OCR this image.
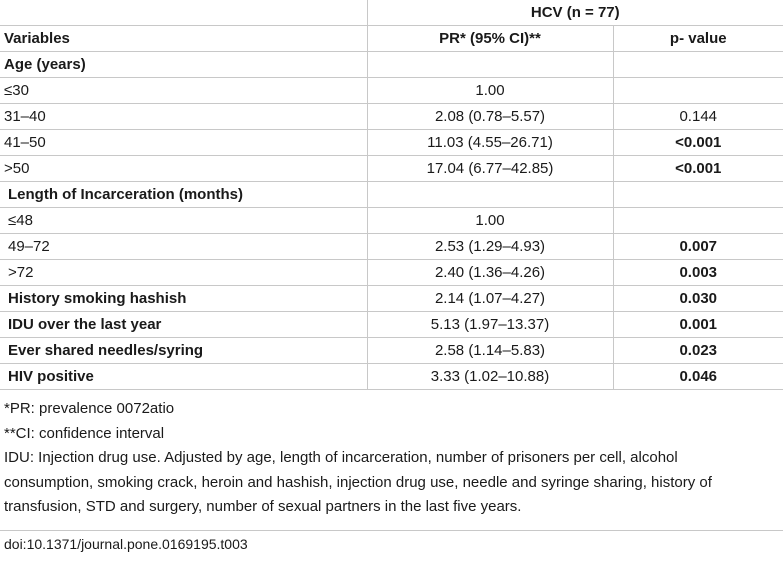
	HCV (n = 77)	
Variables	PR* (95% CI)**	p- value
Age (years)		
≤30	1.00	
31–40	2.08 (0.78–5.57)	0.144
41–50	11.03 (4.55–26.71)	<0.001
>50	17.04 (6.77–42.85)	<0.001
Length of Incarceration (months)		
≤48	1.00	
49–72	2.53 (1.29–4.93)	0.007
>72	2.40 (1.36–4.26)	0.003
History smoking hashish	2.14 (1.07–4.27)	0.030
IDU over the last year	5.13 (1.97–13.37)	0.001
Ever shared needles/syring	2.58 (1.14–5.83)	0.023
HIV positive	3.33 (1.02–10.88)	0.046
*PR: prevalence 0072atio
**CI: confidence interval
IDU: Injection drug use. Adjusted by age, length of incarceration, number of prisoners per cell, alcohol
consumption, smoking crack, heroin and hashish, injection drug use, needle and syringe sharing, history of
transfusion, STD and surgery, number of sexual partners in the last five years.
doi:10.1371/journal.pone.0169195.t003
